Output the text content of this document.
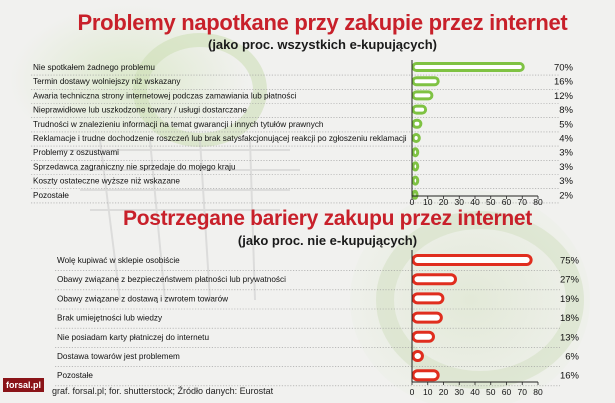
Problemy napotkane przy zakupie przez internet
(jako proc. wszystkich e-kupujących)
Postrzegane bariery zakupu przez internet
(jako proc. nie e-kupujących)
Nie spotkałem żadnego problemu	70%
Termin dostawy wolniejszy niż wskazany	16%
Awaria techniczna strony internetowej podczas zamawiania lub płatności	12%
Nieprawidłowe lub uszkodzone towary / usługi dostarczane	8%
Trudności w znalezieniu informacji na temat gwarancji i innych tytułów prawnych	5%
Reklamacje i trudne dochodzenie roszczeń lub brak satysfakcjonującej reakcji po zgłoszeniu reklamacji	4%
Problemy z oszustwami	3%
Sprzedawca zagraniczny nie sprzedaje do mojego kraju	3%
Koszty ostateczne wyższe niż wskazane	3%
Pozostałe	2%
0 10 20 30 40 50 60 70 80
Wolę kupiwać w sklepie osobiście	75%
Obawy związane z bezpieczeństwem płatności lub prywatności	27%
Obawy związane z dostawą i zwrotem towarów	19%
Brak umiejętności lub wiedzy	18%
Nie posiadam karty płatniczej do internetu	13%
Dostawa towarów jest problemem	6%
Pozostałe	16%
0 10 20 30 40 50 60 70 80
forsal.pl
graf. forsal.pl; for. shutterstock; Źródło danych: Eurostat
